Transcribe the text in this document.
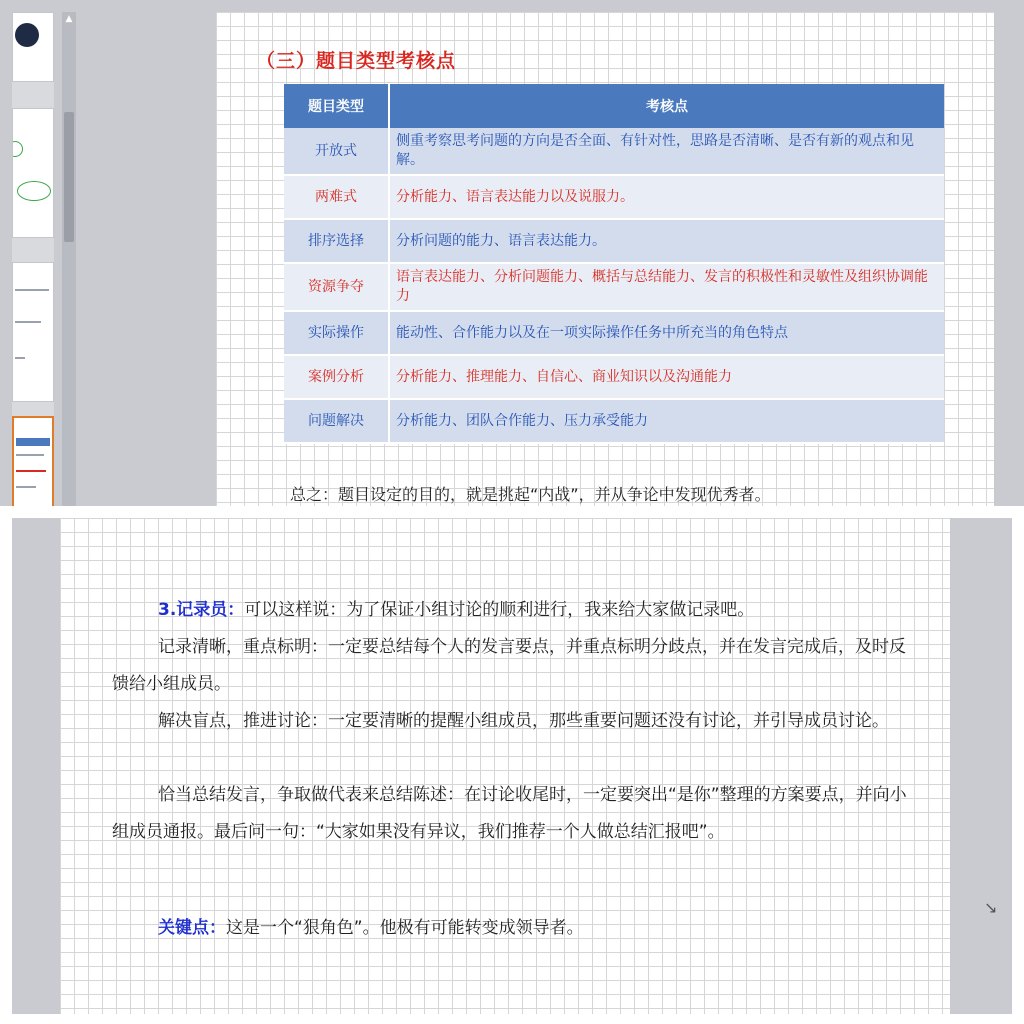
▲
（三）题目类型考核点
题目类型	考核点
开放式	侧重考察思考问题的方向是否全面、有针对性，思路是否清晰、是否有新的观点和见解。
两难式	分析能力、语言表达能力以及说服力。
排序选择	分析问题的能力、语言表达能力。
资源争夺	语言表达能力、分析问题能力、概括与总结能力、发言的积极性和灵敏性及组织协调能力
实际操作	能动性、合作能力以及在一项实际操作任务中所充当的角色特点
案例分析	分析能力、推理能力、自信心、商业知识以及沟通能力
问题解决	分析能力、团队合作能力、压力承受能力
总之：题目设定的目的，就是挑起“内战”，并从争论中发现优秀者。
3.记录员：可以这样说：为了保证小组讨论的顺利进行，我来给大家做记录吧。
记录清晰，重点标明：一定要总结每个人的发言要点，并重点标明分歧点，并在发言完成后，及时反馈给小组成员。
解决盲点，推进讨论：一定要清晰的提醒小组成员，那些重要问题还没有讨论，并引导成员讨论。
恰当总结发言，争取做代表来总结陈述：在讨论收尾时，一定要突出“是你”整理的方案要点，并向小组成员通报。最后问一句：“大家如果没有异议，我们推荐一个人做总结汇报吧”。
关键点：这是一个“狠角色”。他极有可能转变成领导者。
↘
